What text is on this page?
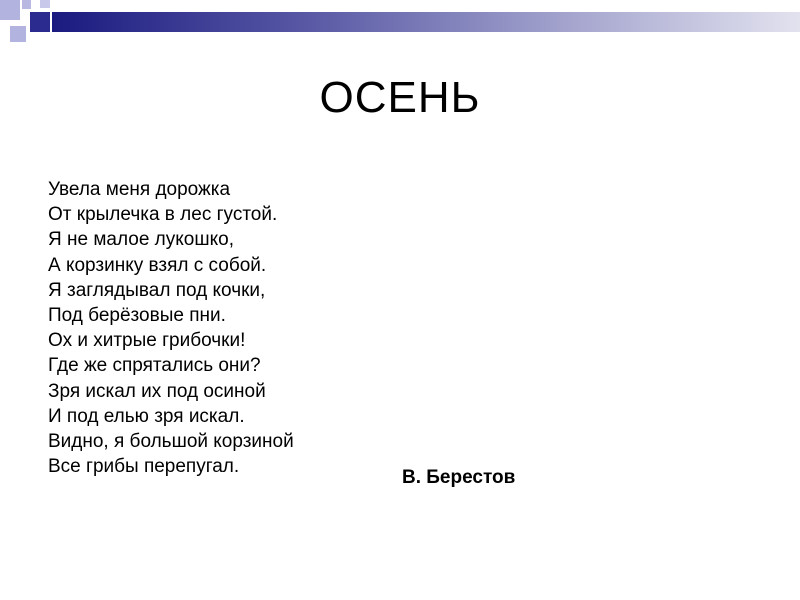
ОСЕНЬ
Увела меня дорожка
От крылечка в лес густой.
Я не малое лукошко,
А корзинку взял с собой.
Я заглядывал под кочки,
Под берёзовые пни.
Ох и хитрые грибочки!
Где же спрятались они?
Зря искал их под осиной
И под елью зря искал.
Видно, я большой корзиной
Все грибы перепугал.
В. Берестов
